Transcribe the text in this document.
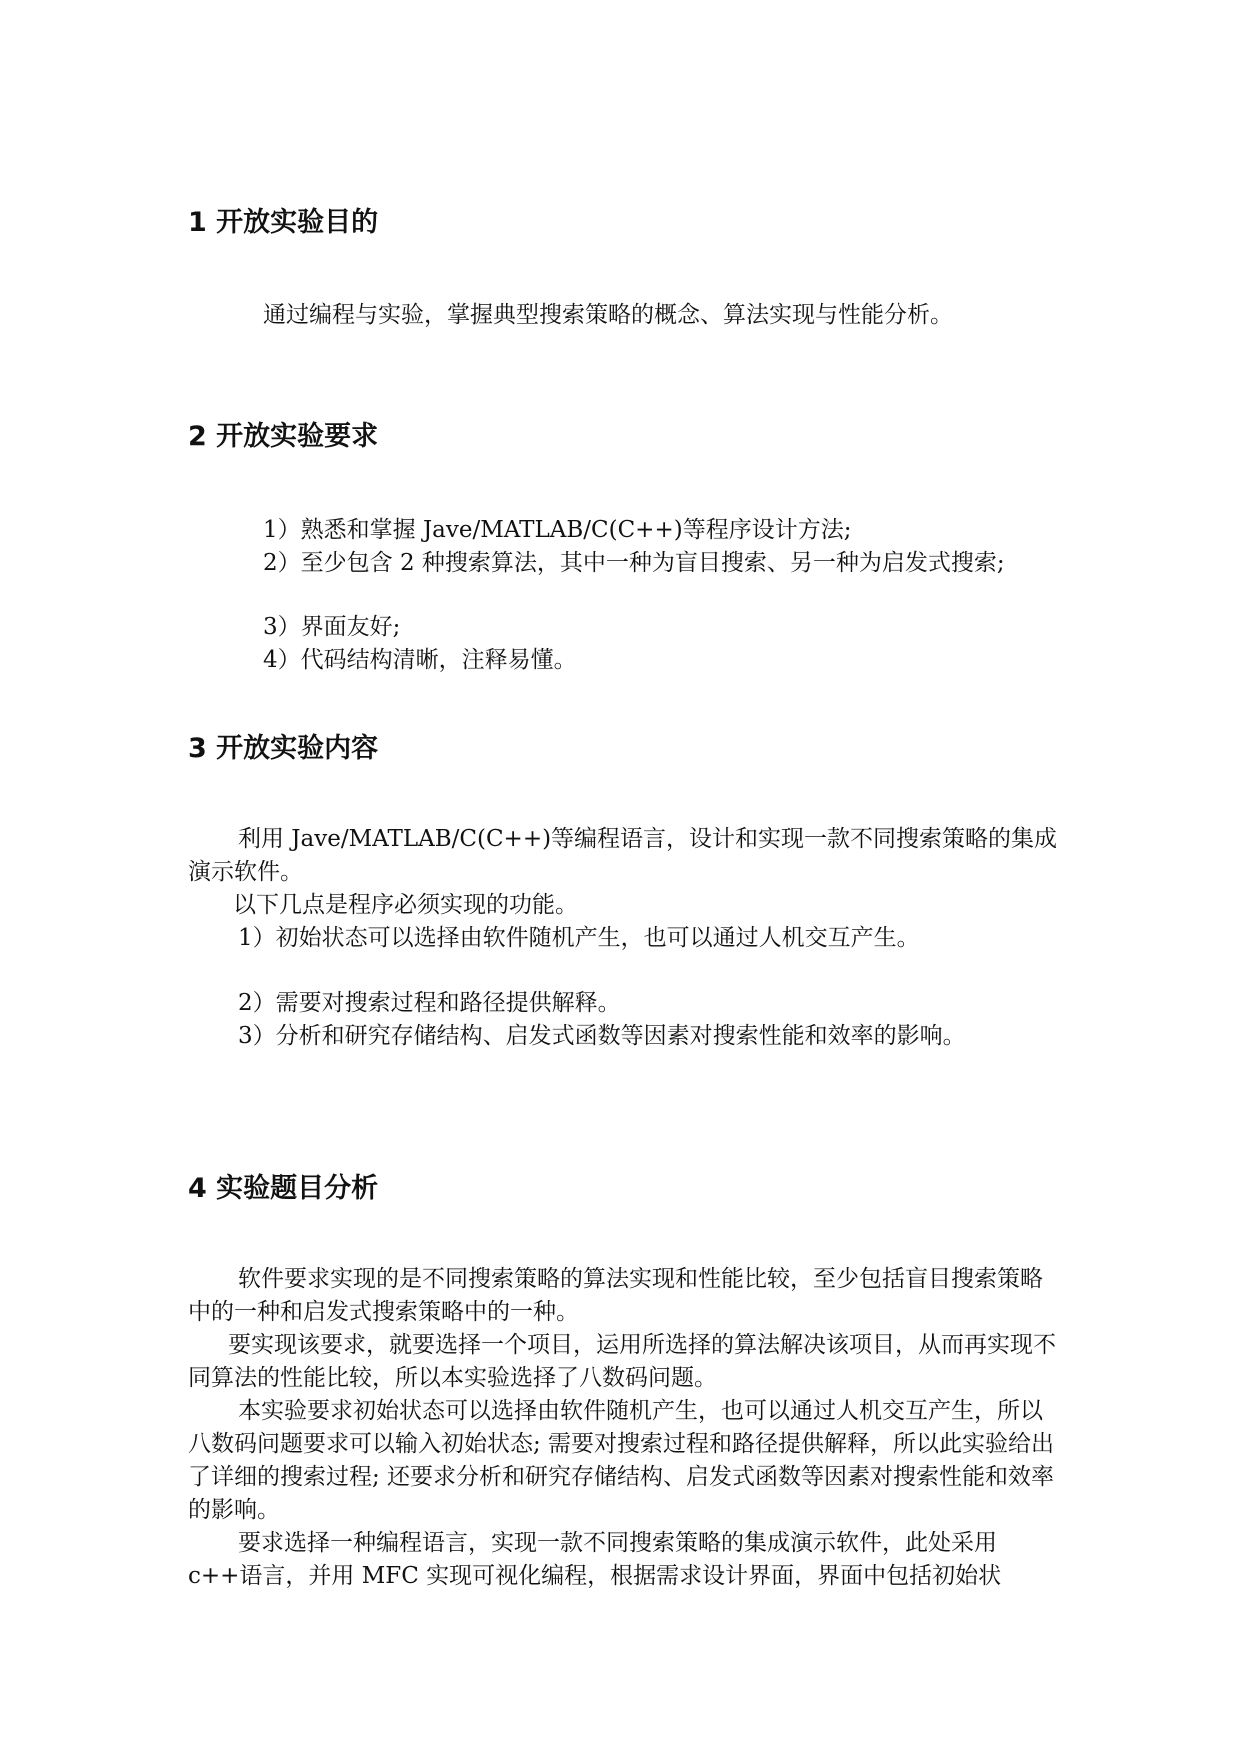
1 开放实验目的

通过编程与实验，掌握典型搜索策略的概念、算法实现与性能分析。

2 开放实验要求

1）熟悉和掌握 Jave/MATLAB/C(C++)等程序设计方法;

2）至少包含 2 种搜索算法，其中一种为盲目搜索、另一种为启发式搜索;

3）界面友好;

4）代码结构清晰，注释易懂。

3 开放实验内容

利用 Jave/MATLAB/C(C++)等编程语言，设计和实现一款不同搜索策略的集成演示软件。

以下几点是程序必须实现的功能。

1）初始状态可以选择由软件随机产生，也可以通过人机交互产生。

2）需要对搜索过程和路径提供解释。

3）分析和研究存储结构、启发式函数等因素对搜索性能和效率的影响。

4 实验题目分析

软件要求实现的是不同搜索策略的算法实现和性能比较，至少包括盲目搜索策略中的一种和启发式搜索策略中的一种。

要实现该要求，就要选择一个项目，运用所选择的算法解决该项目，从而再实现不同算法的性能比较，所以本实验选择了八数码问题。

本实验要求初始状态可以选择由软件随机产生，也可以通过人机交互产生，所以八数码问题要求可以输入初始状态; 需要对搜索过程和路径提供解释，所以此实验给出了详细的搜索过程; 还要求分析和研究存储结构、启发式函数等因素对搜索性能和效率的影响。

要求选择一种编程语言，实现一款不同搜索策略的集成演示软件，此处采用 c++语言，并用 MFC 实现可视化编程，根据需求设计界面，界面中包括初始状
